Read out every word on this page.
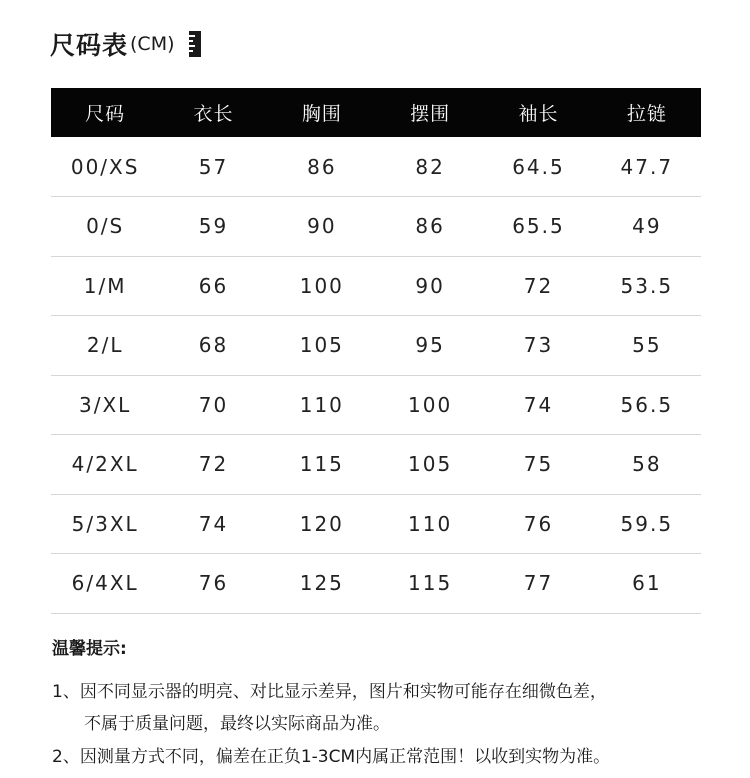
尺码表 (CM)
尺码	衣长	胸围	摆围	袖长	拉链
00/XS	57	86	82	64.5	47.7
0/S	59	90	86	65.5	49
1/M	66	100	90	72	53.5
2/L	68	105	95	73	55
3/XL	70	110	100	74	56.5
4/2XL	72	115	105	75	58
5/3XL	74	120	110	76	59.5
6/4XL	76	125	115	77	61
温馨提示:
1、因不同显示器的明亮、对比显示差异，图片和实物可能存在细微色差，
不属于质量问题，最终以实际商品为准。
2、因测量方式不同，偏差在正负1-3CM内属正常范围！以收到实物为准。
